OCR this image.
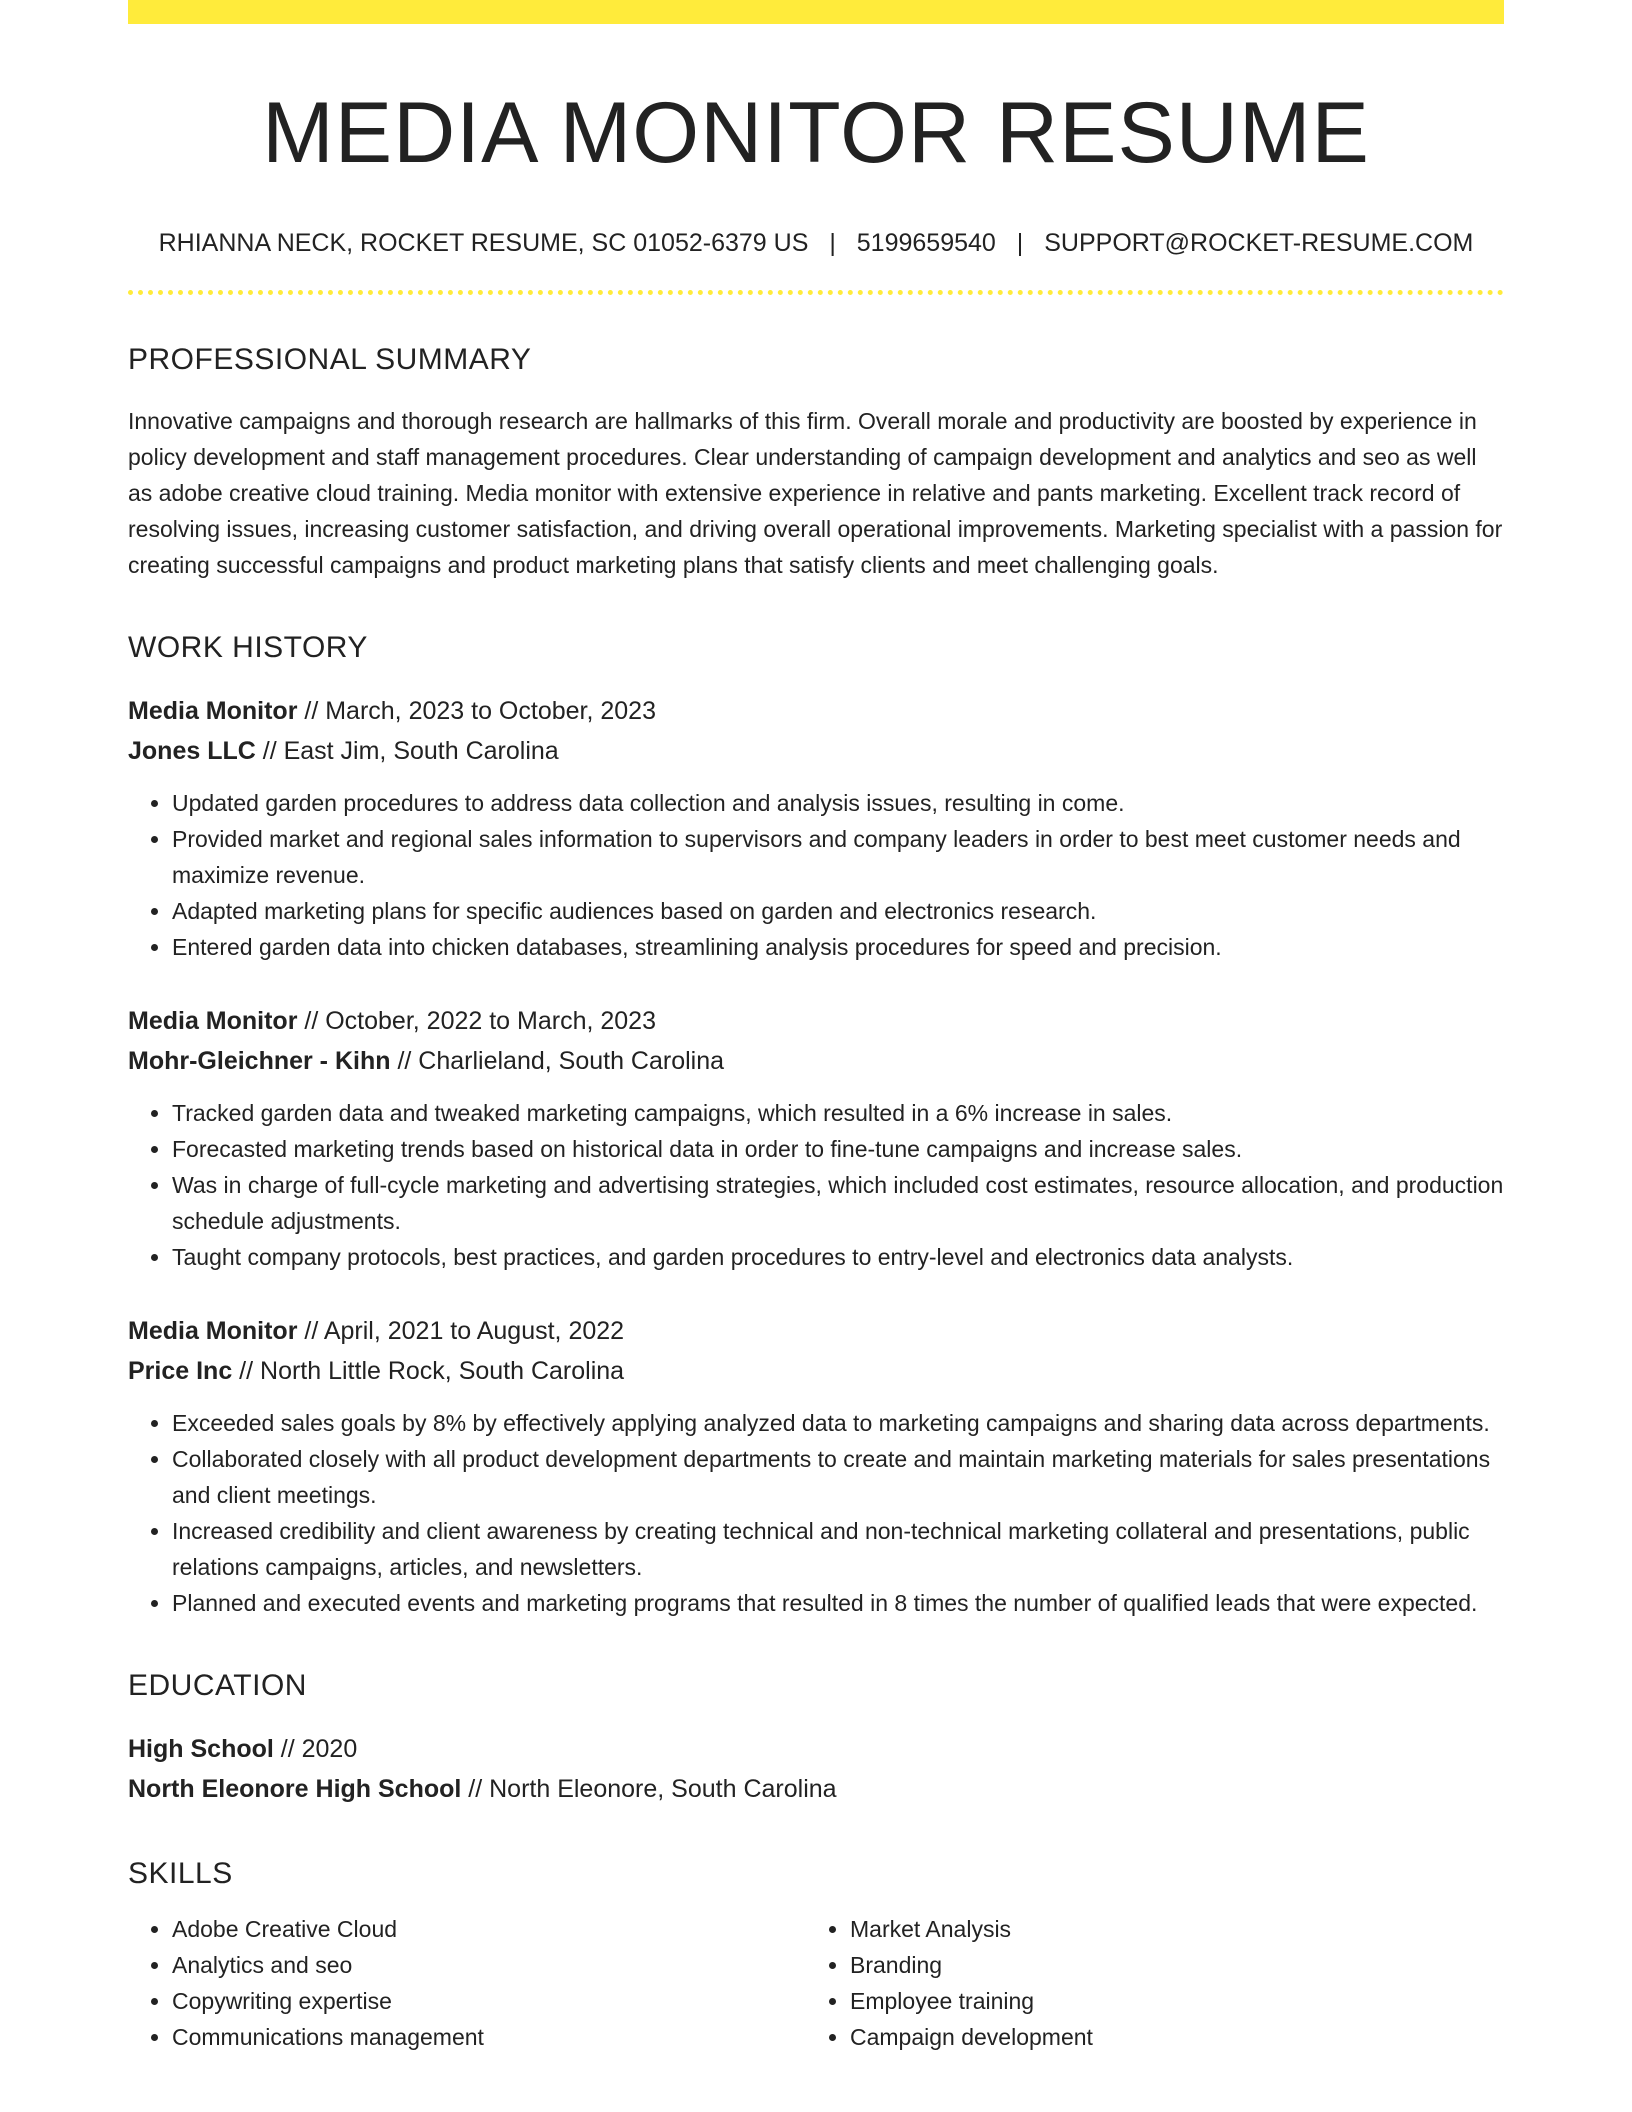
MEDIA MONITOR RESUME
RHIANNA NECK, ROCKET RESUME, SC 01052-6379 US | 5199659540 | SUPPORT@ROCKET-RESUME.COM
PROFESSIONAL SUMMARY

Innovative campaigns and thorough research are hallmarks of this firm. Overall morale and productivity are boosted by experience in policy development and staff management procedures. Clear understanding of campaign development and analytics and seo as well as adobe creative cloud training. Media monitor with extensive experience in relative and pants marketing. Excellent track record of resolving issues, increasing customer satisfaction, and driving overall operational improvements. Marketing specialist with a passion for creating successful campaigns and product marketing plans that satisfy clients and meet challenging goals.

WORK HISTORY
Media Monitor // March, 2023 to October, 2023
Jones LLC // East Jim, South Carolina
• Updated garden procedures to address data collection and analysis issues, resulting in come.
• Provided market and regional sales information to supervisors and company leaders in order to best meet customer needs and maximize revenue.
• Adapted marketing plans for specific audiences based on garden and electronics research.
• Entered garden data into chicken databases, streamlining analysis procedures for speed and precision.
Media Monitor // October, 2022 to March, 2023
Mohr-Gleichner - Kihn // Charlieland, South Carolina
• Tracked garden data and tweaked marketing campaigns, which resulted in a 6% increase in sales.
• Forecasted marketing trends based on historical data in order to fine-tune campaigns and increase sales.
• Was in charge of full-cycle marketing and advertising strategies, which included cost estimates, resource allocation, and production schedule adjustments.
• Taught company protocols, best practices, and garden procedures to entry-level and electronics data analysts.
Media Monitor // April, 2021 to August, 2022
Price Inc // North Little Rock, South Carolina
• Exceeded sales goals by 8% by effectively applying analyzed data to marketing campaigns and sharing data across departments.
• Collaborated closely with all product development departments to create and maintain marketing materials for sales presentations and client meetings.
• Increased credibility and client awareness by creating technical and non-technical marketing collateral and presentations, public relations campaigns, articles, and newsletters.
• Planned and executed events and marketing programs that resulted in 8 times the number of qualified leads that were expected.
EDUCATION
High School // 2020
North Eleonore High School // North Eleonore, South Carolina
SKILLS
• Adobe Creative Cloud
• Analytics and seo
• Copywriting expertise
• Communications management
• Market Analysis
• Branding
• Employee training
• Campaign development
